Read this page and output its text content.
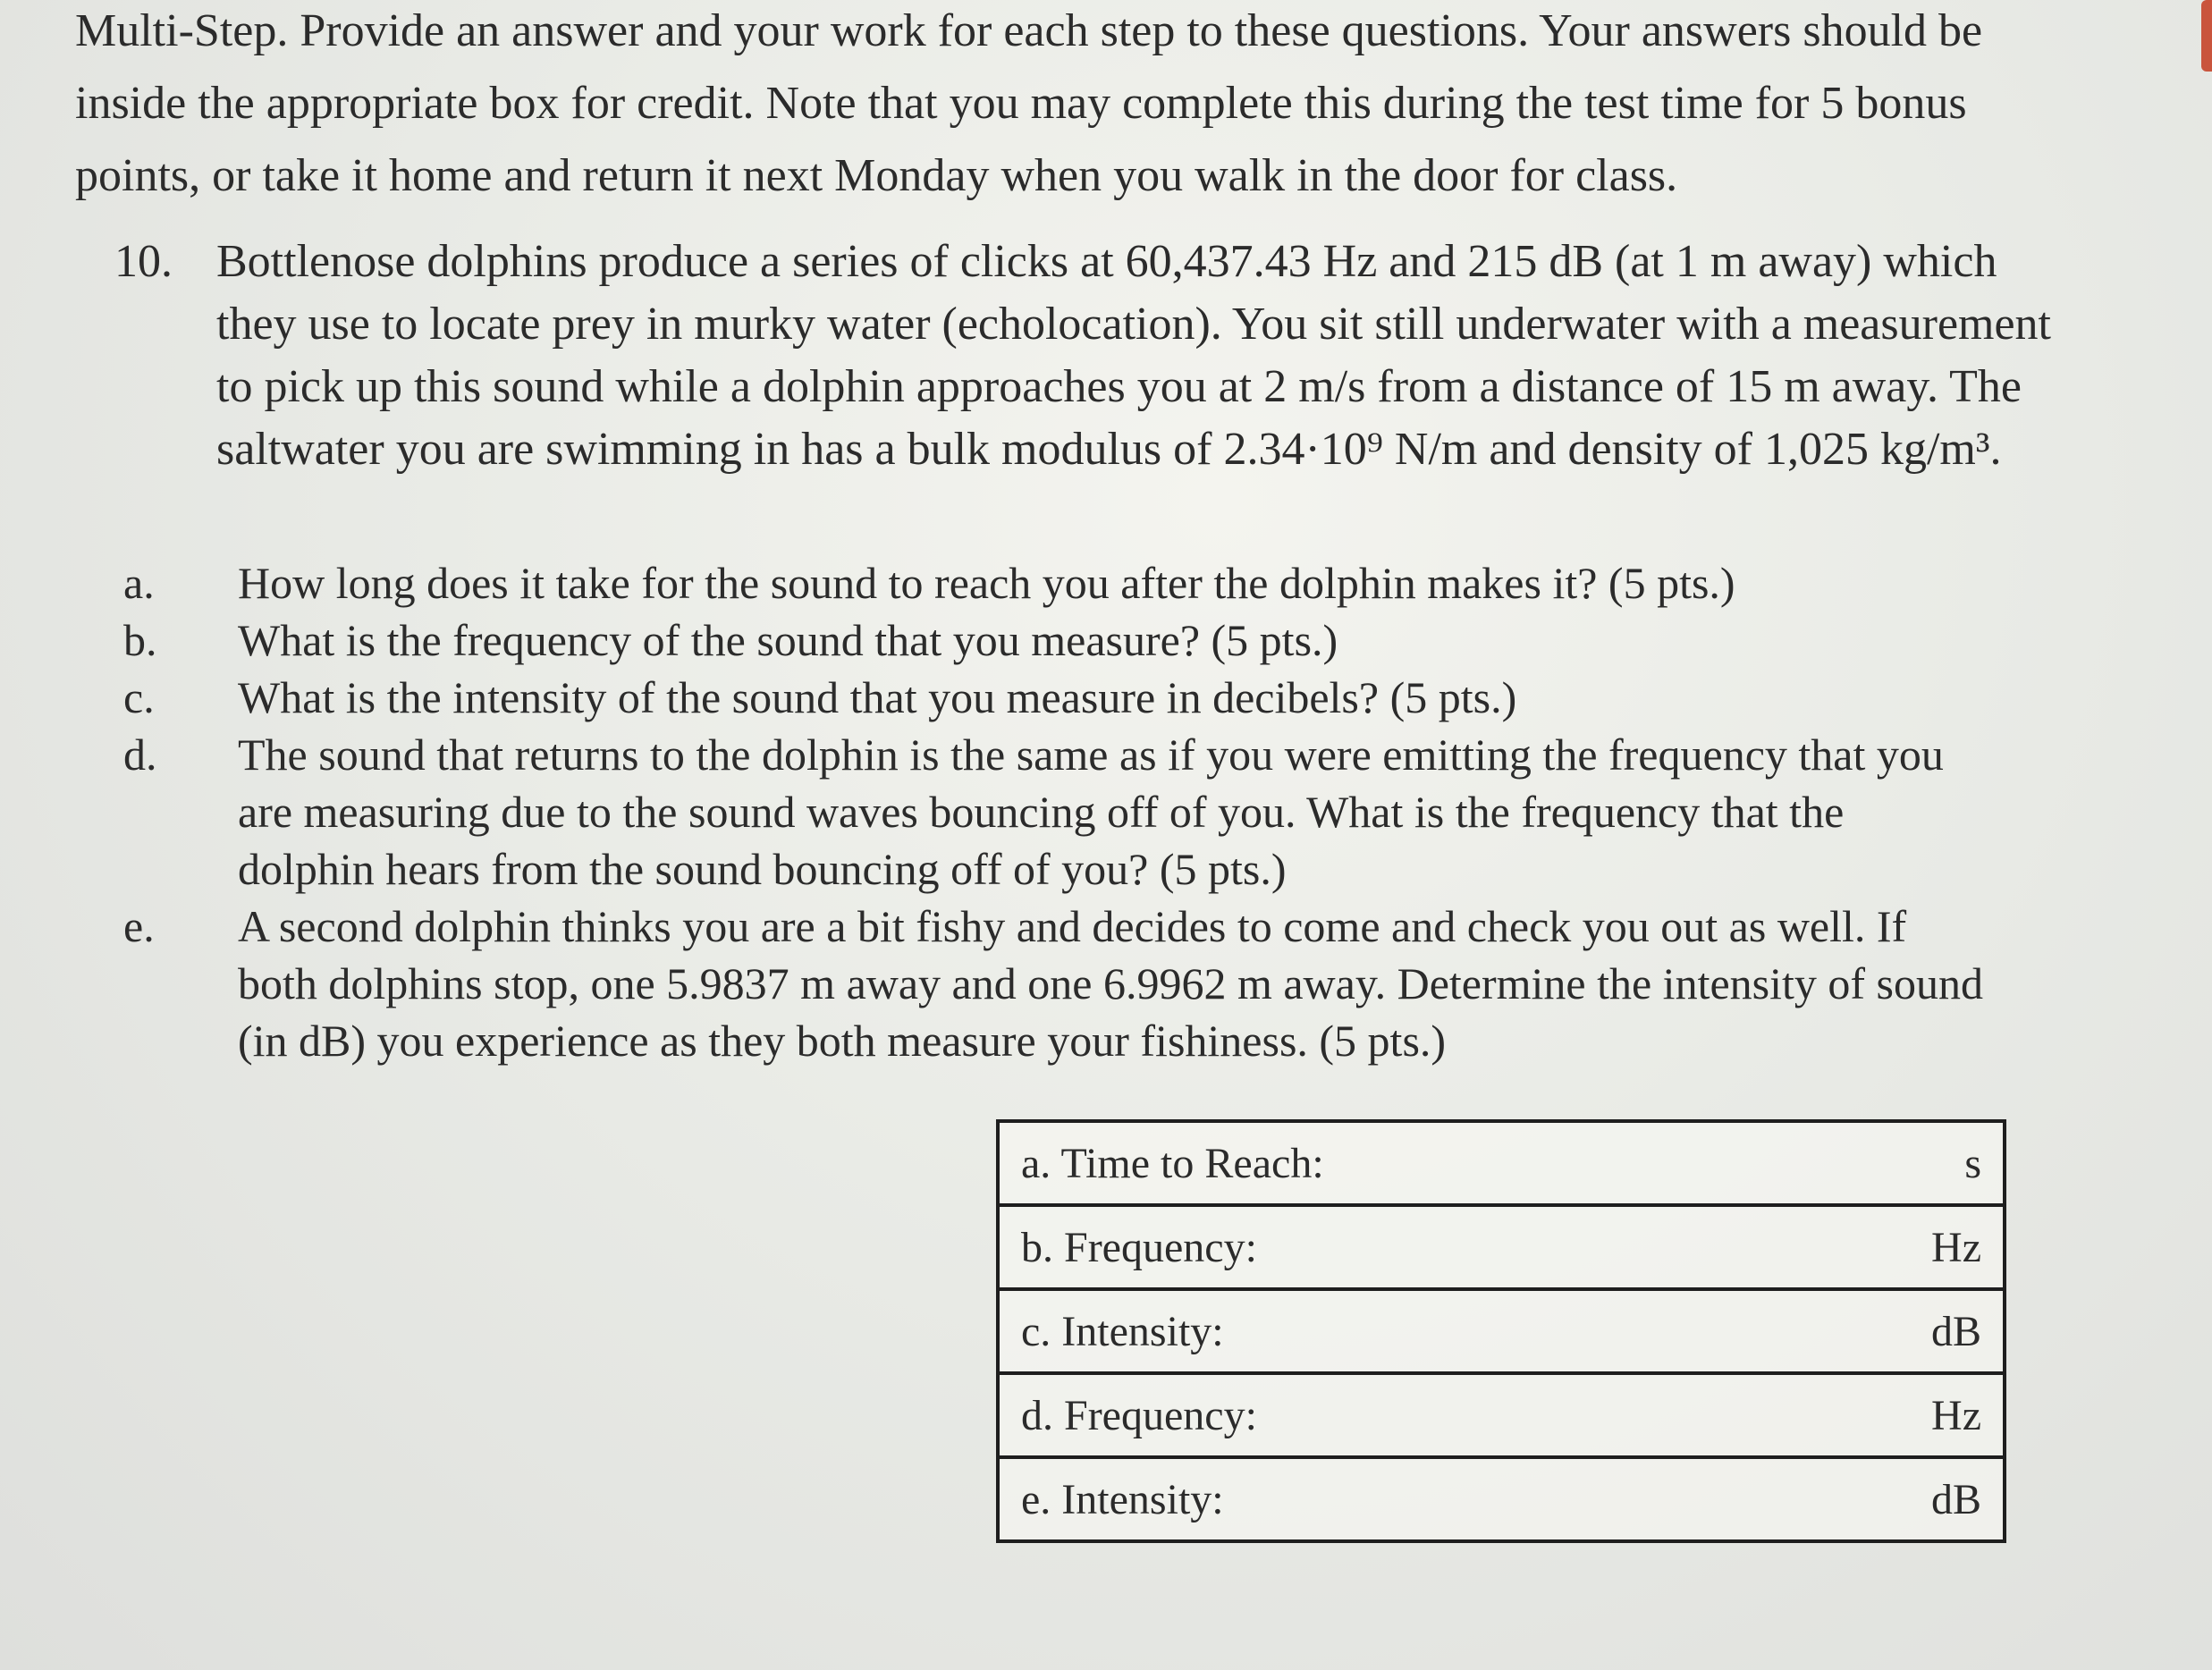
Multi-Step. Provide an answer and your work for each step to these questions. Your answers should be inside the appropriate box for credit. Note that you may complete this during the test time for 5 bonus points, or take it home and return it next Monday when you walk in the door for class.

10. Bottlenose dolphins produce a series of clicks at 60,437.43 Hz and 215 dB (at 1 m away) which they use to locate prey in murky water (echolocation). You sit still underwater with a measurement to pick up this sound while a dolphin approaches you at 2 m/s from a distance of 15 m away. The saltwater you are swimming in has a bulk modulus of 2.34·10⁹ N/m and density of 1,025 kg/m³.

a.	How long does it take for the sound to reach you after the dolphin makes it? (5 pts.)
b.	What is the frequency of the sound that you measure? (5 pts.)
c.	What is the intensity of the sound that you measure in decibels? (5 pts.)
d.	The sound that returns to the dolphin is the same as if you were emitting the frequency that you are measuring due to the sound waves bouncing off of you. What is the frequency that the dolphin hears from the sound bouncing off of you? (5 pts.)
e.	A second dolphin thinks you are a bit fishy and decides to come and check you out as well. If both dolphins stop, one 5.9837 m away and one 6.9962 m away. Determine the intensity of sound (in dB) you experience as they both measure your fishiness. (5 pts.)
a. Time to Reach:	s
b. Frequency:	Hz
c. Intensity:	dB
d. Frequency:	Hz
e. Intensity:	dB
